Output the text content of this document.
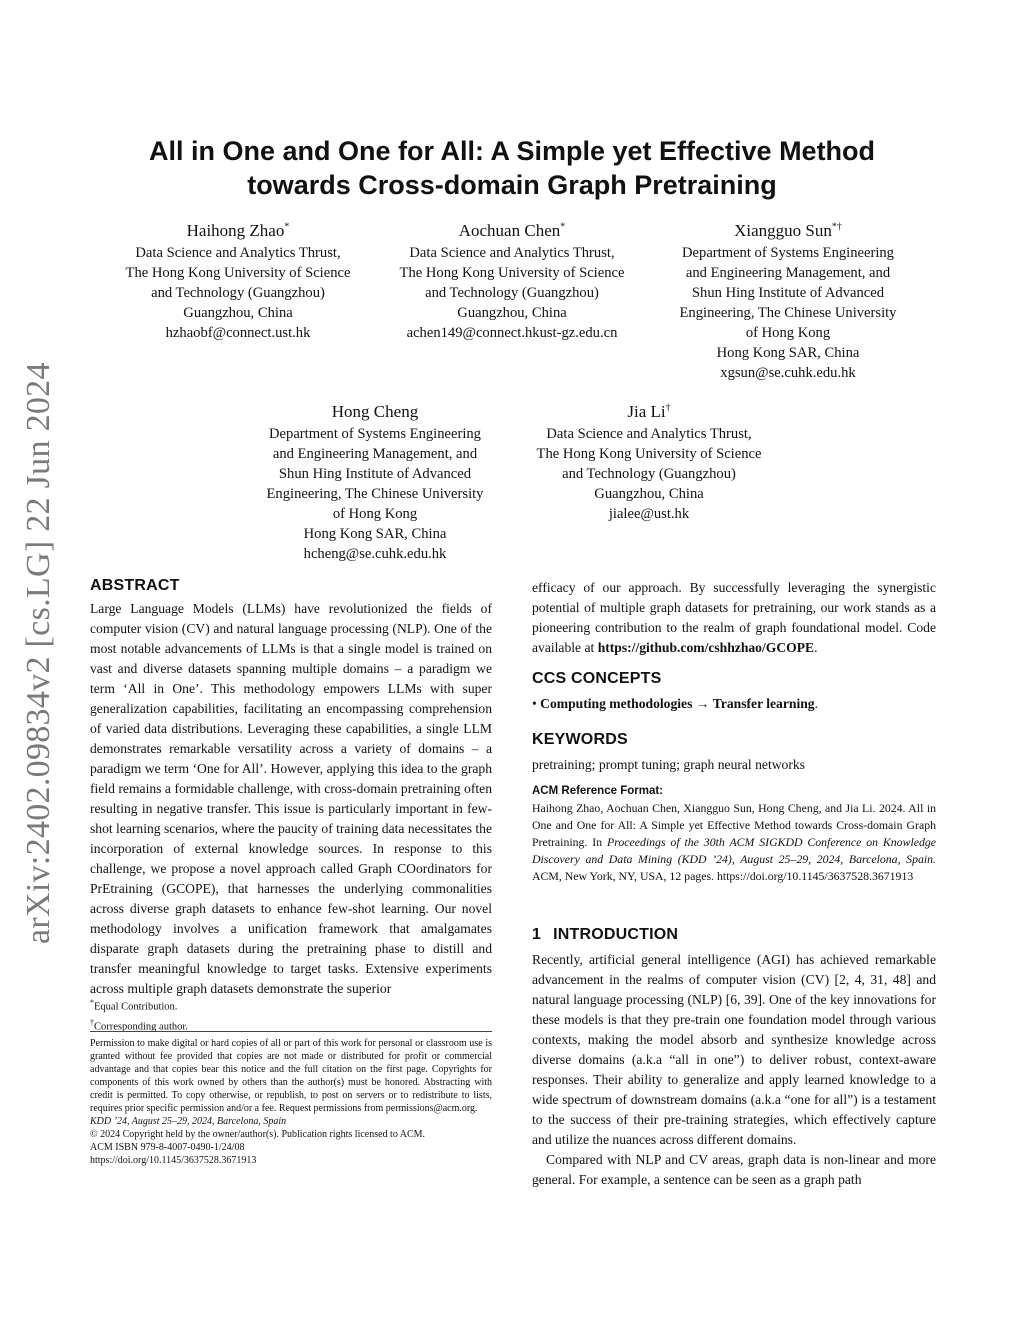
arXiv:2402.09834v2 [cs.LG] 22 Jun 2024
All in One and One for All: A Simple yet Effective Method
towards Cross-domain Graph Pretraining
Haihong Zhao*
Data Science and Analytics Thrust,
The Hong Kong University of Science
and Technology (Guangzhou)
Guangzhou, China
hzhaobf@connect.ust.hk
Aochuan Chen*
Data Science and Analytics Thrust,
The Hong Kong University of Science
and Technology (Guangzhou)
Guangzhou, China
achen149@connect.hkust-gz.edu.cn
Xiangguo Sun*†
Department of Systems Engineering
and Engineering Management, and
Shun Hing Institute of Advanced
Engineering, The Chinese University
of Hong Kong
Hong Kong SAR, China
xgsun@se.cuhk.edu.hk
Hong Cheng
Department of Systems Engineering
and Engineering Management, and
Shun Hing Institute of Advanced
Engineering, The Chinese University
of Hong Kong
Hong Kong SAR, China
hcheng@se.cuhk.edu.hk
Jia Li†
Data Science and Analytics Thrust,
The Hong Kong University of Science
and Technology (Guangzhou)
Guangzhou, China
jialee@ust.hk
ABSTRACT

Large Language Models (LLMs) have revolutionized the fields of computer vision (CV) and natural language processing (NLP). One of the most notable advancements of LLMs is that a single model is trained on vast and diverse datasets spanning multiple domains – a paradigm we term ‘All in One’. This methodology empowers LLMs with super generalization capabilities, facilitating an encompassing comprehension of varied data distributions. Leveraging these capabilities, a single LLM demonstrates remarkable versatility across a variety of domains – a paradigm we term ‘One for All’. However, applying this idea to the graph field remains a formidable challenge, with cross-domain pretraining often resulting in negative transfer. This issue is particularly important in few-shot learning scenarios, where the paucity of training data necessitates the incorporation of external knowledge sources. In response to this challenge, we propose a novel approach called Graph COordinators for PrEtraining (GCOPE), that harnesses the underlying commonalities across diverse graph datasets to enhance few-shot learning. Our novel methodology involves a unification framework that amalgamates disparate graph datasets during the pretraining phase to distill and transfer meaningful knowledge to target tasks. Extensive experiments across multiple graph datasets demonstrate the superior

*Equal Contribution.
†Corresponding author.

Permission to make digital or hard copies of all or part of this work for personal or classroom use is granted without fee provided that copies are not made or distributed for profit or commercial advantage and that copies bear this notice and the full citation on the first page. Copyrights for components of this work owned by others than the author(s) must be honored. Abstracting with credit is permitted. To copy otherwise, or republish, to post on servers or to redistribute to lists, requires prior specific permission and/or a fee. Request permissions from permissions@acm.org.

KDD ’24, August 25–29, 2024, Barcelona, Spain

© 2024 Copyright held by the owner/author(s). Publication rights licensed to ACM.

ACM ISBN 979-8-4007-0490-1/24/08

https://doi.org/10.1145/3637528.3671913

efficacy of our approach. By successfully leveraging the synergistic potential of multiple graph datasets for pretraining, our work stands as a pioneering contribution to the realm of graph foundational model. Code available at https://github.com/cshhzhao/GCOPE.

CCS CONCEPTS

• Computing methodologies → Transfer learning.

KEYWORDS

pretraining; prompt tuning; graph neural networks

ACM Reference Format:

Haihong Zhao, Aochuan Chen, Xiangguo Sun, Hong Cheng, and Jia Li. 2024. All in One and One for All: A Simple yet Effective Method towards Cross-domain Graph Pretraining. In Proceedings of the 30th ACM SIGKDD Conference on Knowledge Discovery and Data Mining (KDD ’24), August 25–29, 2024, Barcelona, Spain. ACM, New York, NY, USA, 12 pages. https://doi.org/10.1145/3637528.3671913

1 INTRODUCTION

Recently, artificial general intelligence (AGI) has achieved remarkable advancement in the realms of computer vision (CV) [2, 4, 31, 48] and natural language processing (NLP) [6, 39]. One of the key innovations for these models is that they pre-train one foundation model through various contexts, making the model absorb and synthesize knowledge across diverse domains (a.k.a “all in one”) to deliver robust, context-aware responses. Their ability to generalize and apply learned knowledge to a wide spectrum of downstream domains (a.k.a “one for all”) is a testament to the success of their pre-training strategies, which effectively capture and utilize the nuances across different domains.

Compared with NLP and CV areas, graph data is non-linear and more general. For example, a sentence can be seen as a graph path
